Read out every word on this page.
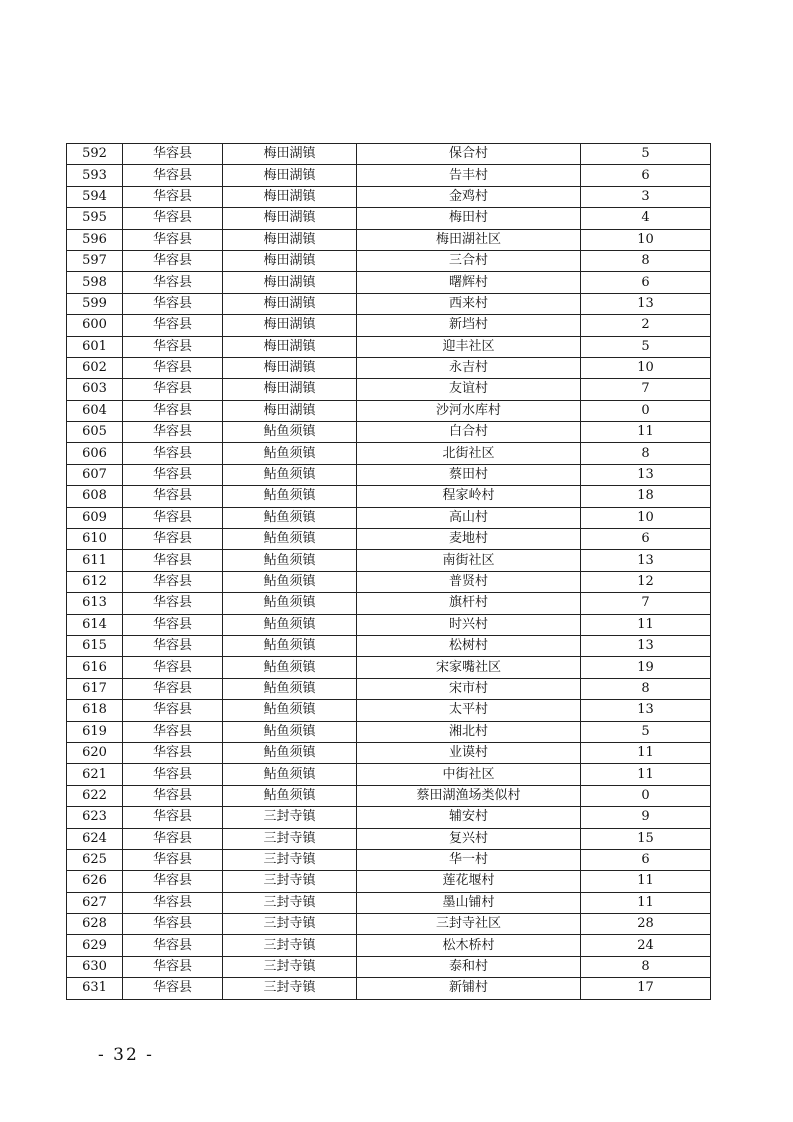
592	华容县	梅田湖镇	保合村	5
593	华容县	梅田湖镇	告丰村	6
594	华容县	梅田湖镇	金鸡村	3
595	华容县	梅田湖镇	梅田村	4
596	华容县	梅田湖镇	梅田湖社区	10
597	华容县	梅田湖镇	三合村	8
598	华容县	梅田湖镇	曙辉村	6
599	华容县	梅田湖镇	西来村	13
600	华容县	梅田湖镇	新垱村	2
601	华容县	梅田湖镇	迎丰社区	5
602	华容县	梅田湖镇	永吉村	10
603	华容县	梅田湖镇	友谊村	7
604	华容县	梅田湖镇	沙河水库村	0
605	华容县	鲇鱼须镇	白合村	11
606	华容县	鲇鱼须镇	北街社区	8
607	华容县	鲇鱼须镇	蔡田村	13
608	华容县	鲇鱼须镇	程家岭村	18
609	华容县	鲇鱼须镇	高山村	10
610	华容县	鲇鱼须镇	麦地村	6
611	华容县	鲇鱼须镇	南街社区	13
612	华容县	鲇鱼须镇	普贤村	12
613	华容县	鲇鱼须镇	旗杆村	7
614	华容县	鲇鱼须镇	时兴村	11
615	华容县	鲇鱼须镇	松树村	13
616	华容县	鲇鱼须镇	宋家嘴社区	19
617	华容县	鲇鱼须镇	宋市村	8
618	华容县	鲇鱼须镇	太平村	13
619	华容县	鲇鱼须镇	湘北村	5
620	华容县	鲇鱼须镇	业谟村	11
621	华容县	鲇鱼须镇	中街社区	11
622	华容县	鲇鱼须镇	蔡田湖渔场类似村	0
623	华容县	三封寺镇	辅安村	9
624	华容县	三封寺镇	复兴村	15
625	华容县	三封寺镇	华一村	6
626	华容县	三封寺镇	莲花堰村	11
627	华容县	三封寺镇	墨山铺村	11
628	华容县	三封寺镇	三封寺社区	28
629	华容县	三封寺镇	松木桥村	24
630	华容县	三封寺镇	泰和村	8
631	华容县	三封寺镇	新铺村	17
- 32 -
